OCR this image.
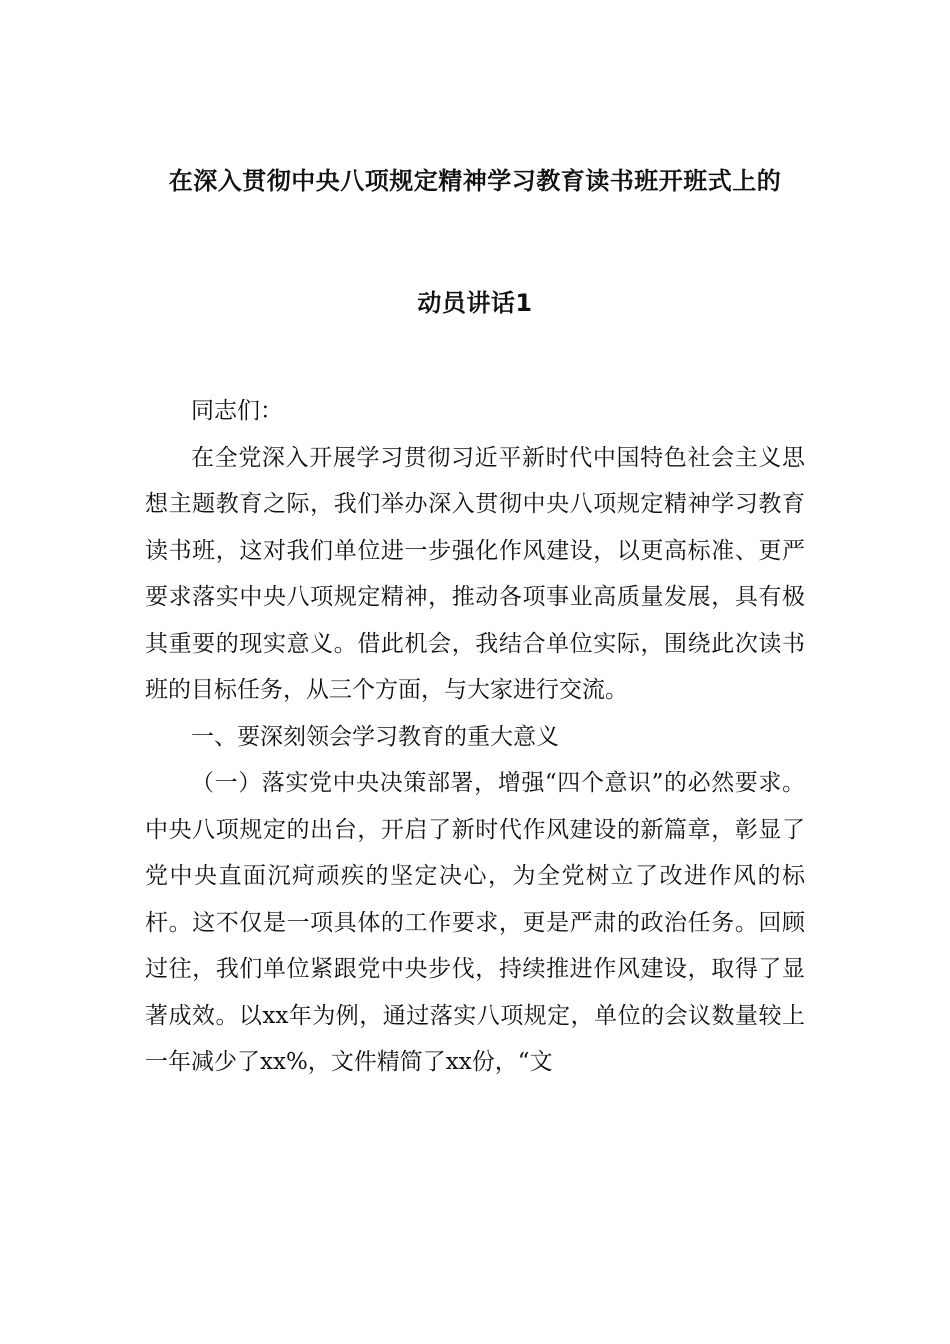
在深入贯彻中央八项规定精神学习教育读书班开班式上的
动员讲话1

同志们：

在全党深入开展学习贯彻习近平新时代中国特色社会主义思想主题教育之际，我们举办深入贯彻中央八项规定精神学习教育读书班，这对我们单位进一步强化作风建设，以更高标准、更严要求落实中央八项规定精神，推动各项事业高质量发展，具有极其重要的现实意义。借此机会，我结合单位实际，围绕此次读书班的目标任务，从三个方面，与大家进行交流。

一、要深刻领会学习教育的重大意义

（一）落实党中央决策部署，增强“四个意识”的必然要求。中央八项规定的出台，开启了新时代作风建设的新篇章，彰显了党中央直面沉疴顽疾的坚定决心，为全党树立了改进作风的标杆。这不仅是一项具体的工作要求，更是严肃的政治任务。回顾过往，我们单位紧跟党中央步伐，持续推进作风建设，取得了显著成效。以xx年为例，通过落实八项规定，单位的会议数量较上一年减少了xx%，文件精简了xx份，“文
